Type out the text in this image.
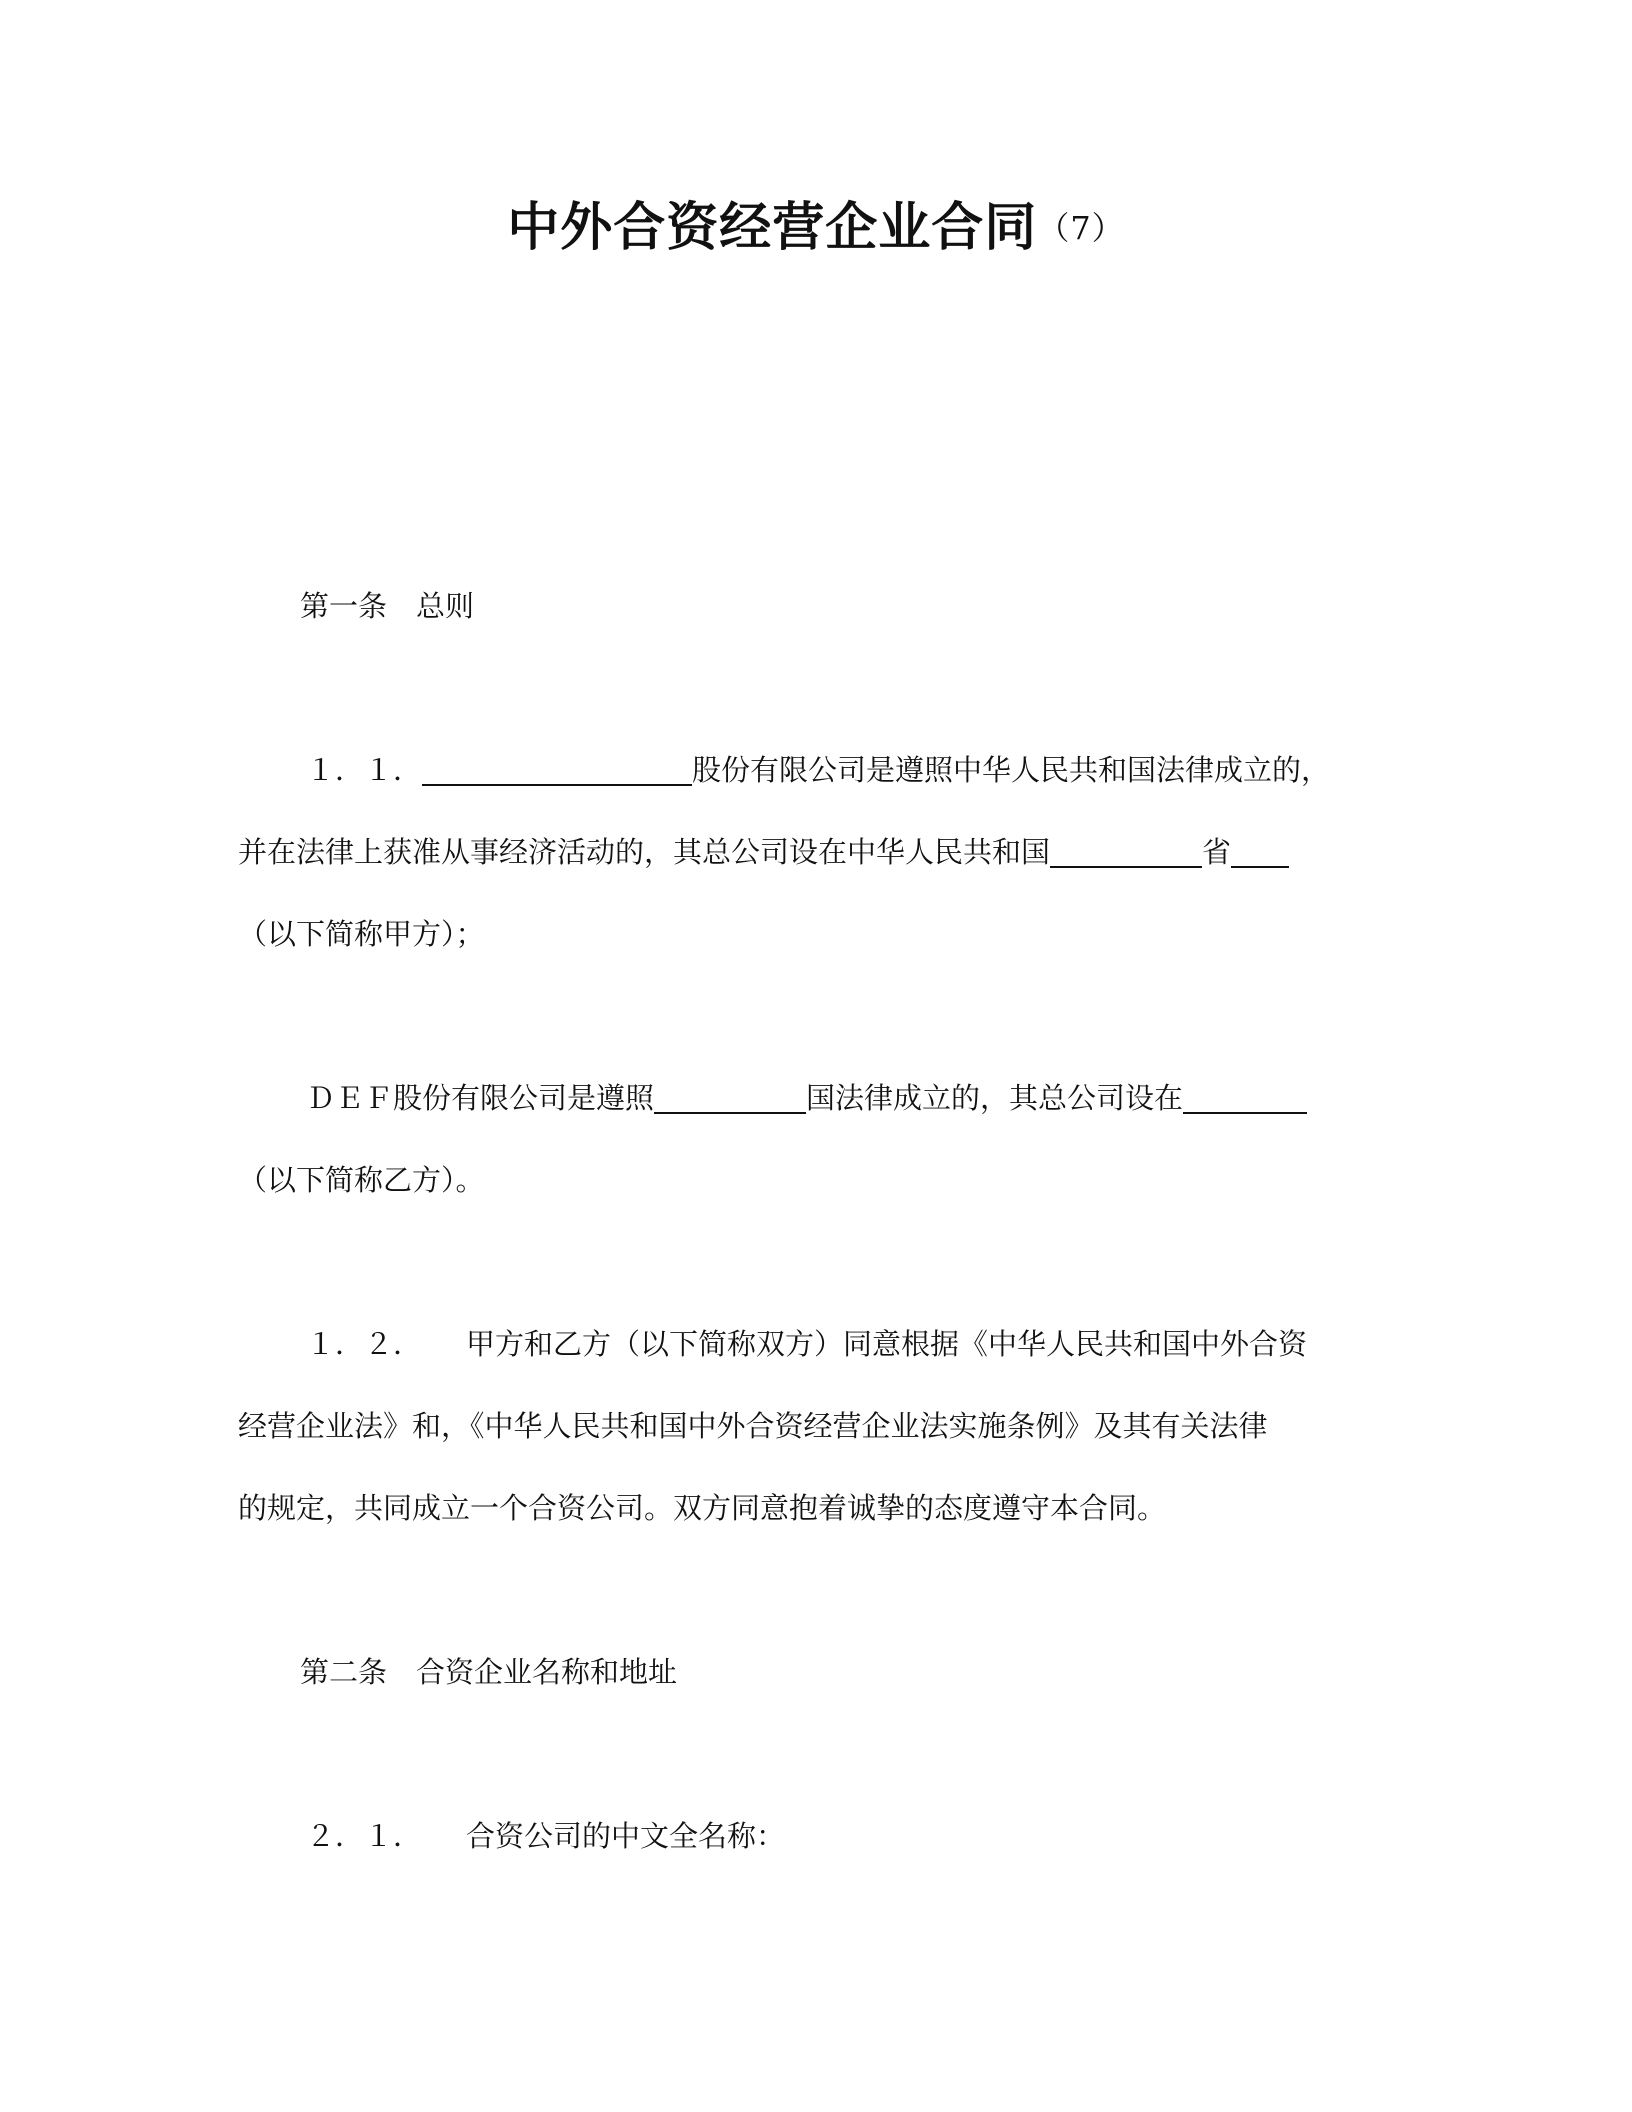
中外合资经营企业合同（7）
第一条　总则
１．１．	股份有限公司是遵照中华人民共和国法律成立的，
并在法律上获准从事经济活动的，其总公司设在中华人民共和国	省
（以下简称甲方）；
ＤＥＦ股份有限公司是遵照	国法律成立的，其总公司设在
（以下简称乙方）。
１．２． 甲方和乙方（以下简称双方）同意根据《中华人民共和国中外合资
经营企业法》和，《中华人民共和国中外合资经营企业法实施条例》及其有关法律
的规定，共同成立一个合资公司。双方同意抱着诚挚的态度遵守本合同。
第二条　合资企业名称和地址
２．１． 合资公司的中文全名称：
